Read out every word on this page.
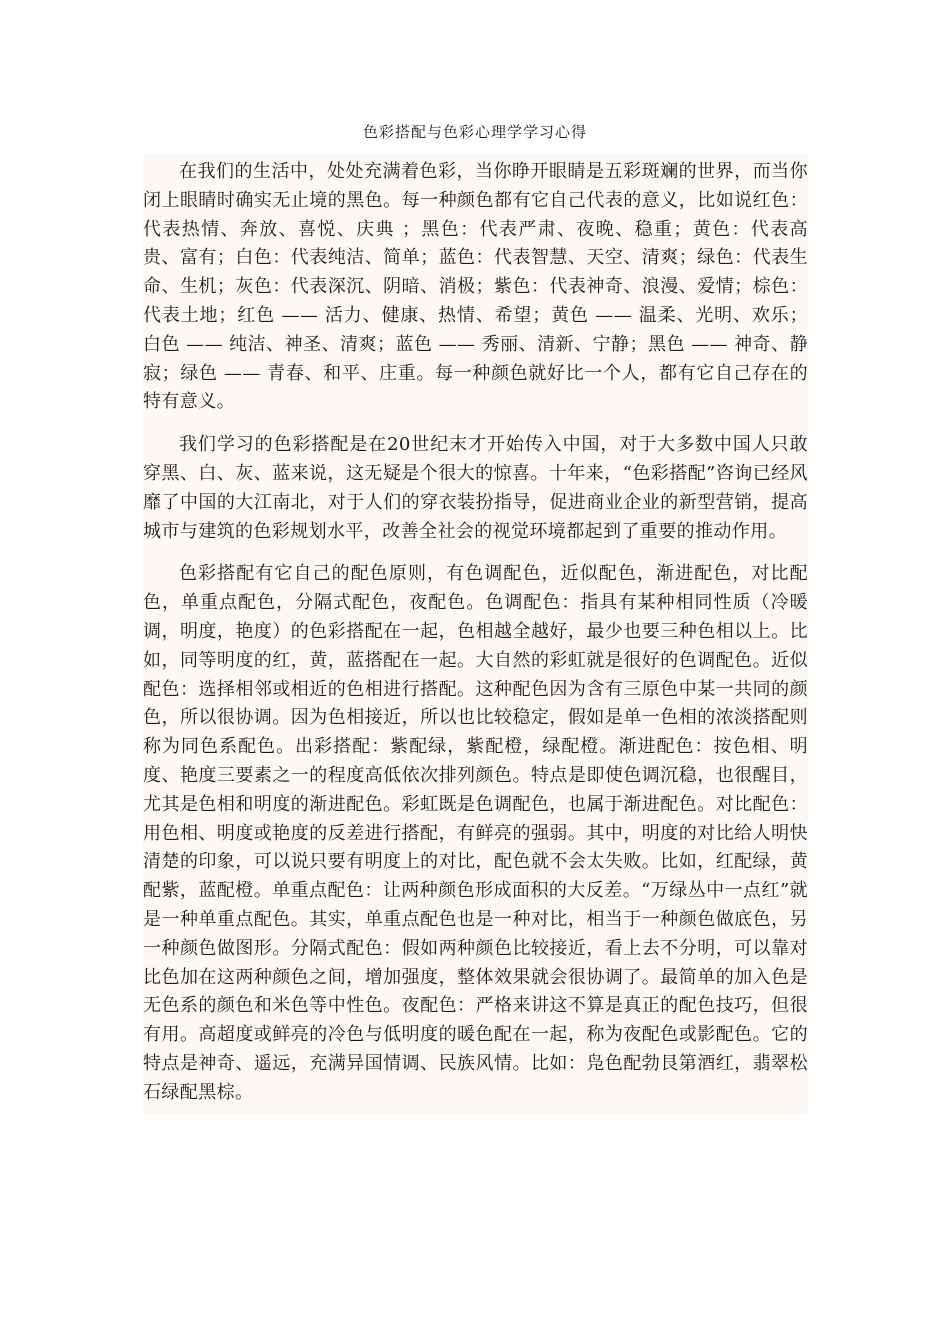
色彩搭配与色彩心理学学习心得

在我们的生活中，处处充满着色彩，当你睁开眼睛是五彩斑斓的世界，而当你闭上眼睛时确实无止境的黑色。每一种颜色都有它自己代表的意义，比如说红色：代表热情、奔放、喜悦、庆典 ；黑色：代表严肃、夜晚、稳重；黄色：代表高贵、富有；白色：代表纯洁、简单；蓝色：代表智慧、天空、清爽；绿色：代表生命、生机；灰色：代表深沉、阴暗、消极；紫色：代表神奇、浪漫、爱情；棕色：代表土地；红色 —— 活力、健康、热情、希望；黄色 —— 温柔、光明、欢乐；白色 —— 纯洁、神圣、清爽；蓝色 —— 秀丽、清新、宁静；黑色 —— 神奇、静寂；绿色 —— 青春、和平、庄重。每一种颜色就好比一个人，都有它自己存在的特有意义。

我们学习的色彩搭配是在20世纪末才开始传入中国，对于大多数中国人只敢穿黑、白、灰、蓝来说，这无疑是个很大的惊喜。十年来，“色彩搭配”咨询已经风靡了中国的大江南北，对于人们的穿衣装扮指导，促进商业企业的新型营销，提高城市与建筑的色彩规划水平，改善全社会的视觉环境都起到了重要的推动作用。

色彩搭配有它自己的配色原则，有色调配色，近似配色，渐进配色，对比配色，单重点配色，分隔式配色，夜配色。色调配色：指具有某种相同性质（冷暖调，明度，艳度）的色彩搭配在一起，色相越全越好，最少也要三种色相以上。比如，同等明度的红，黄，蓝搭配在一起。大自然的彩虹就是很好的色调配色。近似配色：选择相邻或相近的色相进行搭配。这种配色因为含有三原色中某一共同的颜色，所以很协调。因为色相接近，所以也比较稳定，假如是单一色相的浓淡搭配则称为同色系配色。出彩搭配：紫配绿，紫配橙，绿配橙。渐进配色：按色相、明度、艳度三要素之一的程度高低依次排列颜色。特点是即使色调沉稳，也很醒目，尤其是色相和明度的渐进配色。彩虹既是色调配色，也属于渐进配色。对比配色：用色相、明度或艳度的反差进行搭配，有鲜亮的强弱。其中，明度的对比给人明快清楚的印象，可以说只要有明度上的对比，配色就不会太失败。比如，红配绿，黄配紫，蓝配橙。单重点配色：让两种颜色形成面积的大反差。“万绿丛中一点红”就是一种单重点配色。其实，单重点配色也是一种对比，相当于一种颜色做底色，另一种颜色做图形。分隔式配色：假如两种颜色比较接近，看上去不分明，可以靠对比色加在这两种颜色之间，增加强度，整体效果就会很协调了。最简单的加入色是无色系的颜色和米色等中性色。夜配色：严格来讲这不算是真正的配色技巧，但很有用。高超度或鲜亮的冷色与低明度的暖色配在一起，称为夜配色或影配色。它的特点是神奇、遥远，充满异国情调、民族风情。比如：凫色配勃艮第酒红，翡翠松石绿配黑棕。
